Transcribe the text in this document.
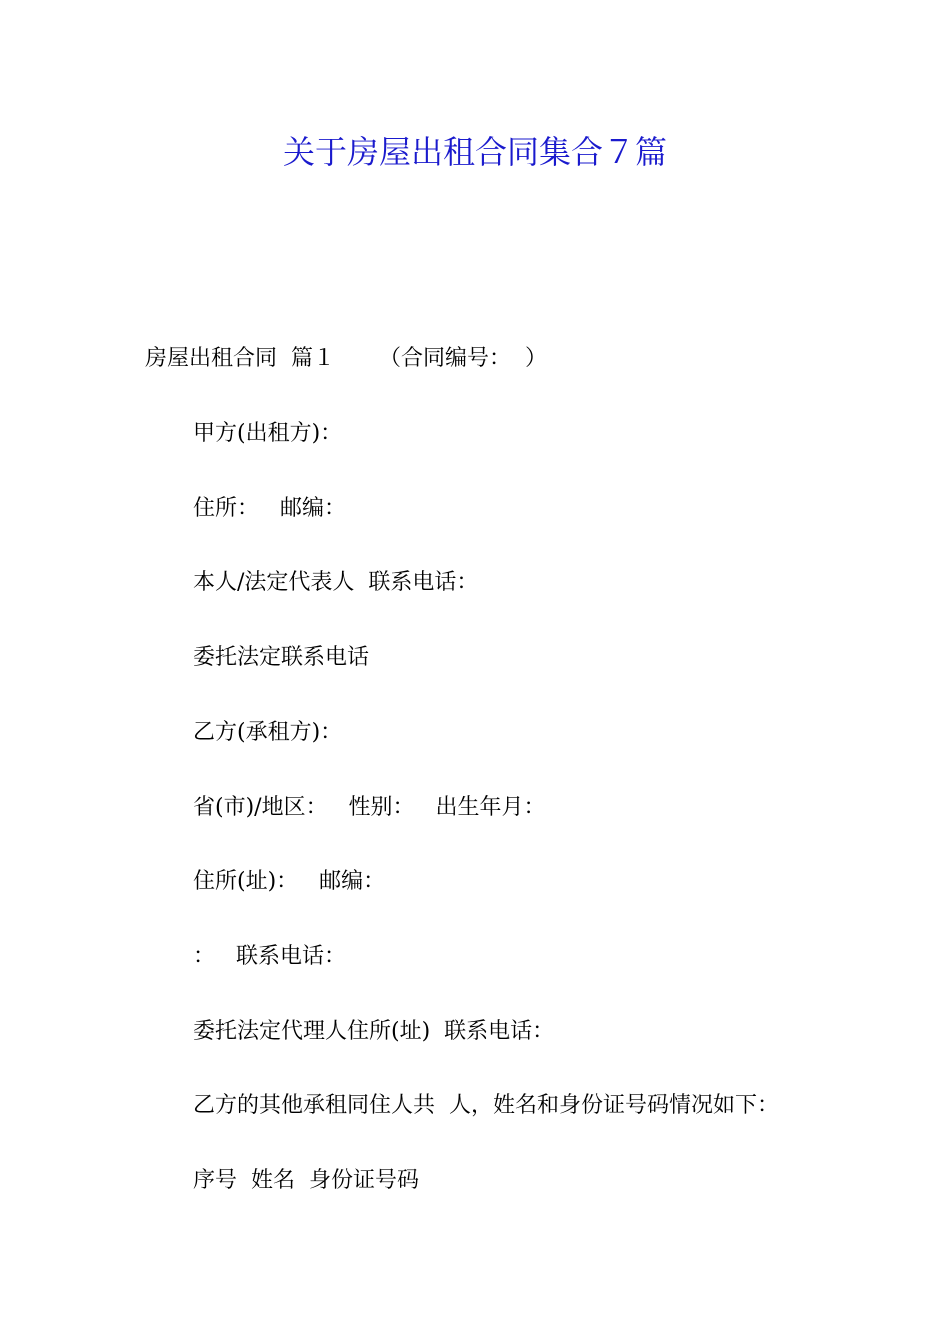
关于房屋出租合同集合７篇
房屋出租合同  篇１ （合同编号：  ）
甲方(出租方)：
住所：   邮编：
本人/法定代表人  联系电话：
委托法定联系电话
乙方(承租方)：
省(市)/地区：   性别：   出生年月：
住所(址)：   邮编：
：   联系电话：
委托法定代理人住所(址)  联系电话：
乙方的其他承租同住人共  人，姓名和身份证号码情况如下：
序号  姓名  身份证号码
